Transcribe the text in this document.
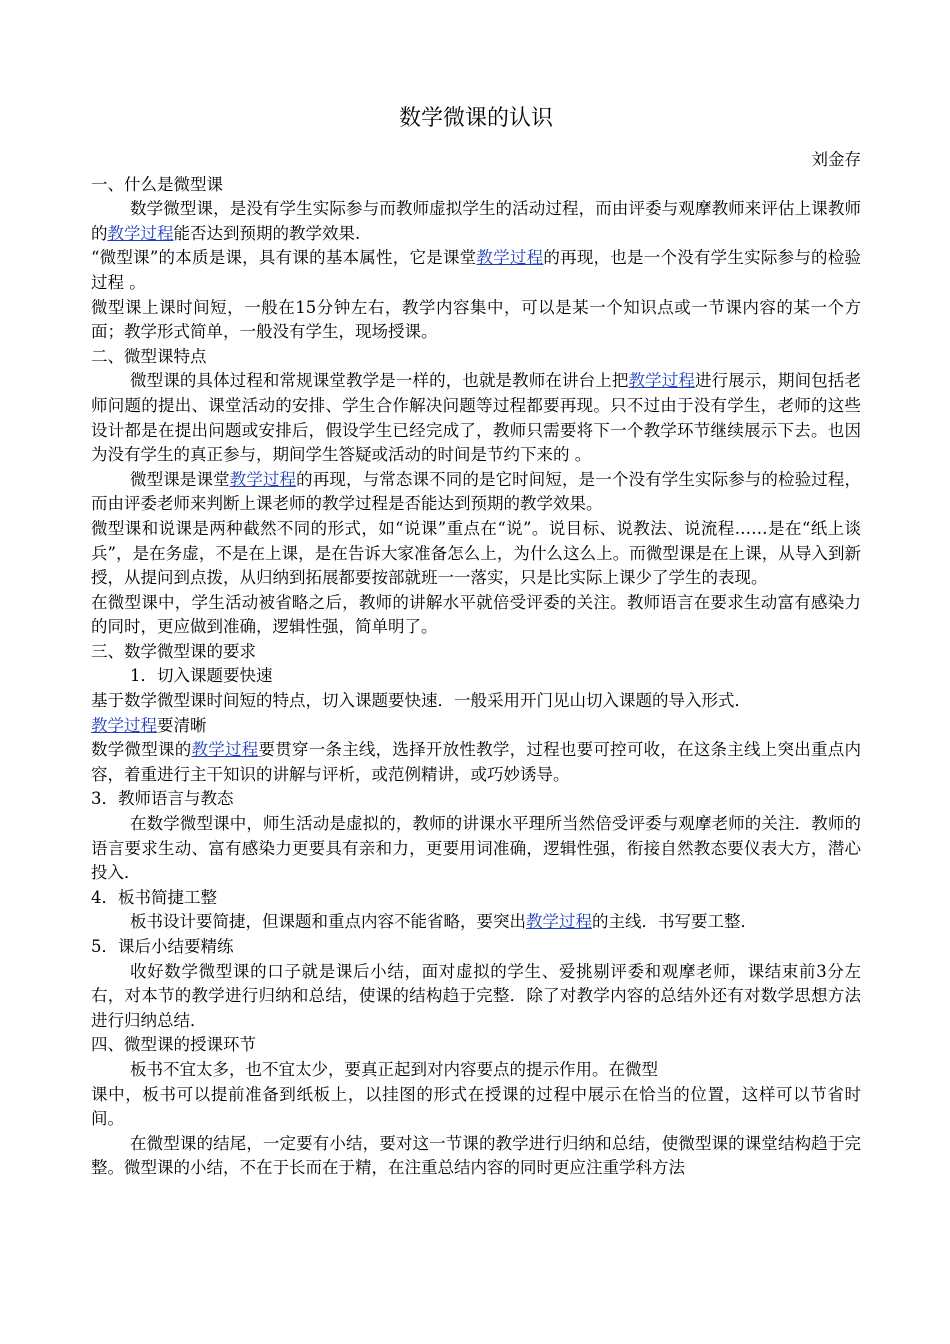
数学微课的认识
刘金存

一、什么是微型课

数学微型课，是没有学生实际参与而教师虚拟学生的活动过程，而由评委与观摩教师来评估上课教师的教学过程能否达到预期的教学效果.

“微型课”的本质是课，具有课的基本属性，它是课堂教学过程的再现，也是一个没有学生实际参与的检验过程 。

微型课上课时间短，一般在15分钟左右，教学内容集中，可以是某一个知识点或一节课内容的某一个方面；教学形式简单，一般没有学生，现场授课。

二、微型课特点

微型课的具体过程和常规课堂教学是一样的，也就是教师在讲台上把教学过程进行展示，期间包括老师问题的提出、课堂活动的安排、学生合作解决问题等过程都要再现。只不过由于没有学生，老师的这些设计都是在提出问题或安排后，假设学生已经完成了，教师只需要将下一个教学环节继续展示下去。也因为没有学生的真正参与，期间学生答疑或活动的时间是节约下来的 。

微型课是课堂教学过程的再现，与常态课不同的是它时间短，是一个没有学生实际参与的检验过程，而由评委老师来判断上课老师的教学过程是否能达到预期的教学效果。

微型课和说课是两种截然不同的形式，如“说课”重点在“说”。说目标、说教法、说流程……是在“纸上谈兵”，是在务虚，不是在上课，是在告诉大家准备怎么上，为什么这么上。而微型课是在上课，从导入到新授，从提问到点拨，从归纳到拓展都要按部就班一一落实，只是比实际上课少了学生的表现。

在微型课中，学生活动被省略之后，教师的讲解水平就倍受评委的关注。教师语言在要求生动富有感染力的同时，更应做到准确，逻辑性强，简单明了。

三、数学微型课的要求

1．切入课题要快速

基于数学微型课时间短的特点，切入课题要快速．一般采用开门见山切入课题的导入形式．

教学过程要清晰

数学微型课的教学过程要贯穿一条主线，选择开放性教学，过程也要可控可收，在这条主线上突出重点内容，着重进行主干知识的讲解与评析，或范例精讲，或巧妙诱导。

3．教师语言与教态

在数学微型课中，师生活动是虚拟的，教师的讲课水平理所当然倍受评委与观摩老师的关注．教师的语言要求生动、富有感染力更要具有亲和力，更要用词准确，逻辑性强，衔接自然教态要仪表大方，潜心投入．

4．板书简捷工整

板书设计要简捷，但课题和重点内容不能省略，要突出教学过程的主线．书写要工整．

5．课后小结要精练

收好数学微型课的口子就是课后小结，面对虚拟的学生、爱挑剔评委和观摩老师，课结束前3分左右，对本节的教学进行归纳和总结，使课的结构趋于完整．除了对教学内容的总结外还有对数学思想方法进行归纳总结．

四、微型课的授课环节

板书不宜太多，也不宜太少，要真正起到对内容要点的提示作用。在微型

课中，板书可以提前准备到纸板上，以挂图的形式在授课的过程中展示在恰当的位置，这样可以节省时间。

在微型课的结尾，一定要有小结，要对这一节课的教学进行归纳和总结，使微型课的课堂结构趋于完整。微型课的小结，不在于长而在于精，在注重总结内容的同时更应注重学科方法
